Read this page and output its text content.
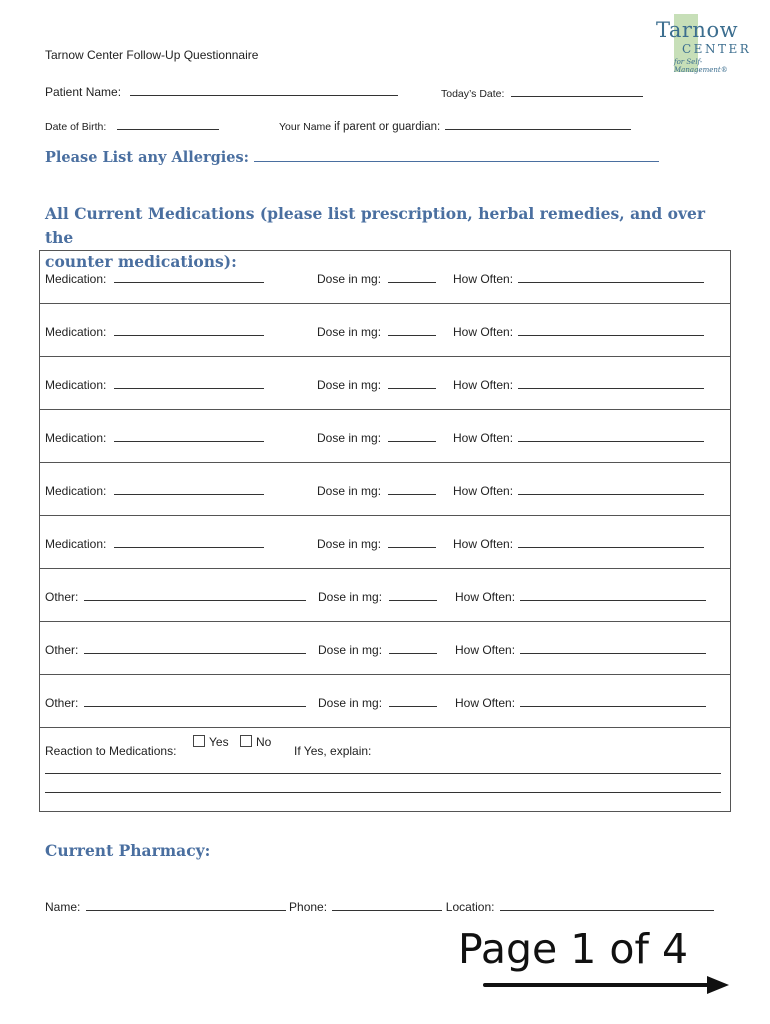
Tarnow
CENTER
for Self-Management®
Tarnow Center Follow-Up Questionnaire
Patient Name:	Today’s Date:
Date of Birth:	Your Name if parent or guardian:
Please List any Allergies:
All Current Medications (please list prescription, herbal remedies, and over the
counter medications):
Medication:	Dose in mg:	How Often:
Medication:	Dose in mg:	How Often:
Medication:	Dose in mg:	How Often:
Medication:	Dose in mg:	How Often:
Medication:	Dose in mg:	How Often:
Medication:	Dose in mg:	How Often:
Other:	Dose in mg:	How Often:
Other:	Dose in mg:	How Often:
Other:	Dose in mg:	How Often:
Reaction to Medications:
Yes	No
If Yes, explain:
Current Pharmacy:
Name:	Phone:	Location:
Page 1 of 4
